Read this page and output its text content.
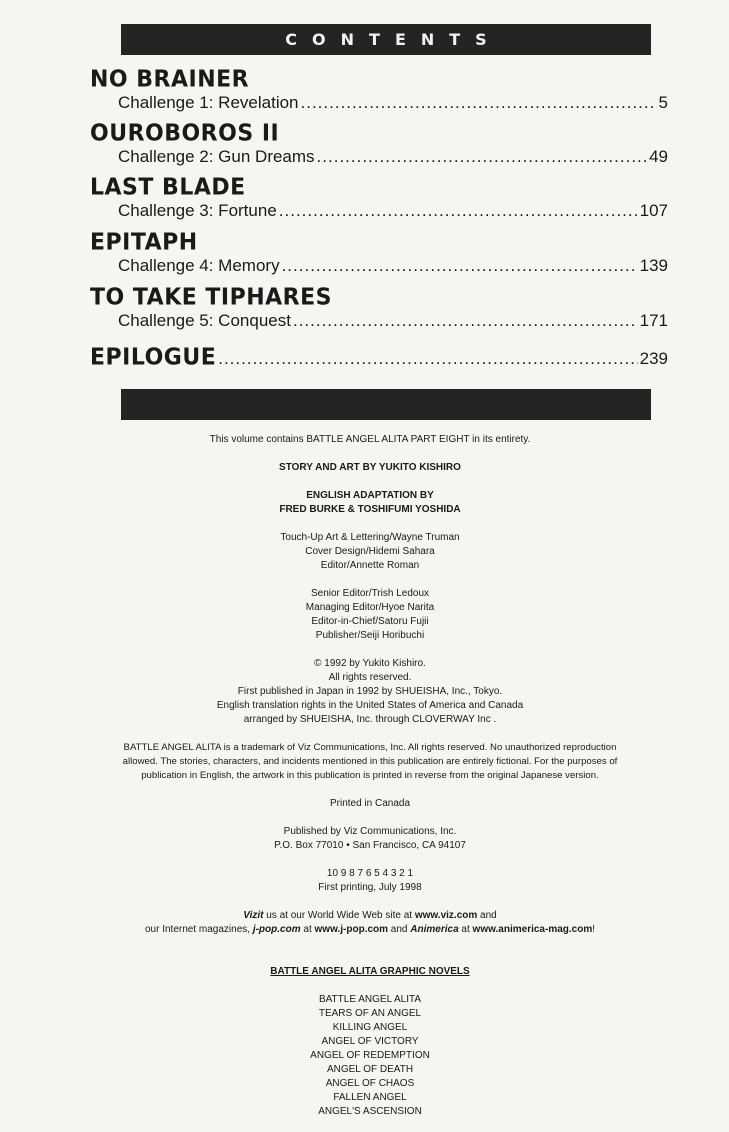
CONTENTS
NO BRAINER
Challenge 1: Revelation .....	5
OUROBOROS II
Challenge 2: Gun Dreams .....	49
LAST BLADE
Challenge 3: Fortune .....	107
EPITAPH
Challenge 4: Memory .....	139
TO TAKE TIPHARES
Challenge 5: Conquest .....	171
EPILOGUE .....	239

This volume contains BATTLE ANGEL ALITA PART EIGHT in its entirety.

STORY AND ART BY YUKITO KISHIRO

ENGLISH ADAPTATION BY

FRED BURKE & TOSHIFUMI YOSHIDA

Touch-Up Art & Lettering/Wayne Truman

Cover Design/Hidemi Sahara

Editor/Annette Roman

Senior Editor/Trish Ledoux

Managing Editor/Hyoe Narita

Editor-in-Chief/Satoru Fujii

Publisher/Seiji Horibuchi

© 1992 by Yukito Kishiro.

All rights reserved.

First published in Japan in 1992 by SHUEISHA, Inc., Tokyo.

English translation rights in the United States of America and Canada

arranged by SHUEISHA, Inc. through CLOVERWAY Inc .

BATTLE ANGEL ALITA is a trademark of Viz Communications, Inc. All rights reserved. No unauthorized reproduction

allowed. The stories, characters, and incidents mentioned in this publication are entirely fictional. For the purposes of

publication in English, the artwork in this publication is printed in reverse from the original Japanese version.

Printed in Canada

Published by Viz Communications, Inc.

P.O. Box 77010 • San Francisco, CA 94107

10 9 8 7 6 5 4 3 2 1

First printing, July 1998

Vizit us at our World Wide Web site at www.viz.com and

our Internet magazines, j-pop.com at www.j-pop.com and Animerica at www.animerica-mag.com!

BATTLE ANGEL ALITA GRAPHIC NOVELS

BATTLE ANGEL ALITA

TEARS OF AN ANGEL

KILLING ANGEL

ANGEL OF VICTORY

ANGEL OF REDEMPTION

ANGEL OF DEATH

ANGEL OF CHAOS

FALLEN ANGEL

ANGEL'S ASCENSION
